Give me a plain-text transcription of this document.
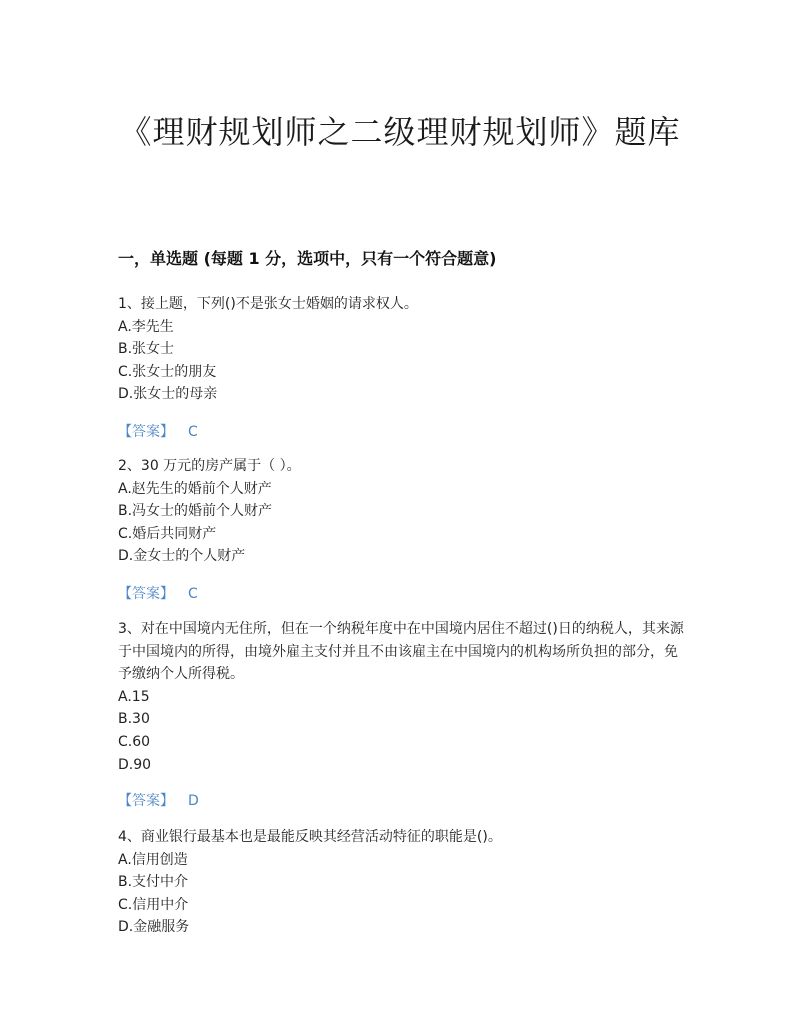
《理财规划师之二级理财规划师》题库
一，单选题 (每题 1 分，选项中，只有一个符合题意)

1、接上题，下列()不是张女士婚姻的请求权人。

A.李先生

B.张女士

C.张女士的朋友

D.张女士的母亲

【答案】 C

2、30 万元的房产属于（ ）。

A.赵先生的婚前个人财产

B.冯女士的婚前个人财产

C.婚后共同财产

D.金女士的个人财产

【答案】 C

3、对在中国境内无住所，但在一个纳税年度中在中国境内居住不超过()日的纳税人，其来源于中国境内的所得，由境外雇主支付并且不由该雇主在中国境内的机构场所负担的部分，免予缴纳个人所得税。

A.15

B.30

C.60

D.90

【答案】 D

4、商业银行最基本也是最能反映其经营活动特征的职能是()。

A.信用创造

B.支付中介

C.信用中介

D.金融服务
